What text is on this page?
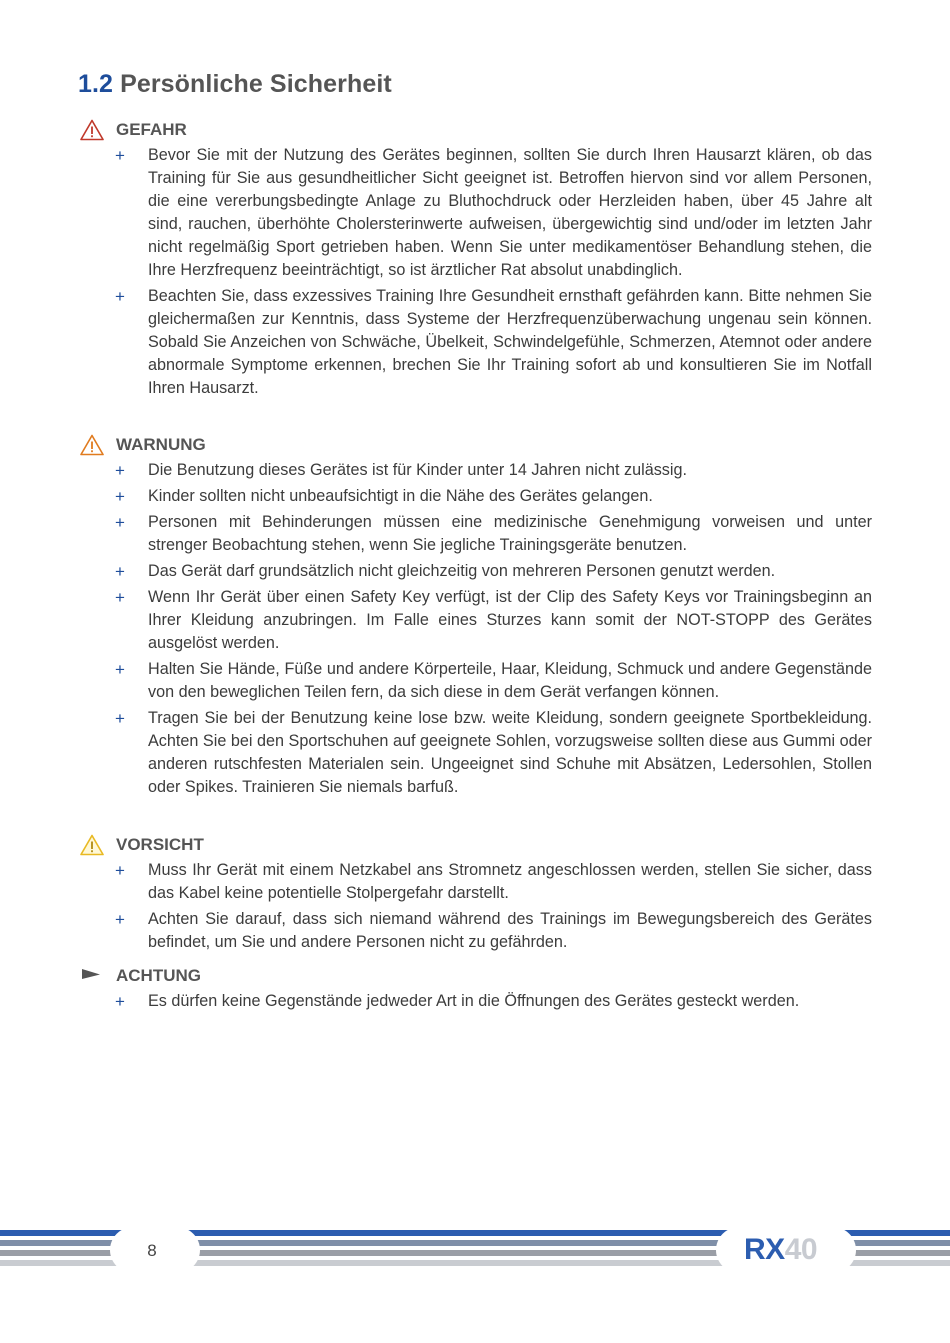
1.2 Persönliche Sicherheit
GEFAHR
+ Bevor Sie mit der Nutzung des Gerätes beginnen, sollten Sie durch Ihren Hausarzt klären, ob das Training für Sie aus gesundheitlicher Sicht geeignet ist. Betroffen hiervon sind vor allem Personen, die eine vererbungsbedingte Anlage zu Bluthochdruck oder Herzleiden haben, über 45 Jahre alt sind, rauchen, überhöhte Cholersterinwerte aufweisen, übergewichtig sind und/oder im letzten Jahr nicht regelmäßig Sport getrieben haben. Wenn Sie unter medikamentöser Behandlung stehen, die Ihre Herzfrequenz beeinträchtigt, so ist ärztlicher Rat absolut unabdinglich.
+ Beachten Sie, dass exzessives Training Ihre Gesundheit ernsthaft gefährden kann. Bitte nehmen Sie gleichermaßen zur Kenntnis, dass Systeme der Herzfrequenzüberwachung ungenau sein können. Sobald Sie Anzeichen von Schwäche, Übelkeit, Schwindelgefühle, Schmerzen, Atemnot oder andere abnormale Symptome erkennen, brechen Sie Ihr Training sofort ab und konsultieren Sie im Notfall Ihren Hausarzt.
WARNUNG
+ Die Benutzung dieses Gerätes ist für Kinder unter 14 Jahren nicht zulässig.
+ Kinder sollten nicht unbeaufsichtigt in die Nähe des Gerätes gelangen.
+ Personen mit Behinderungen müssen eine medizinische Genehmigung vorweisen und unter strenger Beobachtung stehen, wenn Sie jegliche Trainingsgeräte benutzen.
+ Das Gerät darf grundsätzlich nicht gleichzeitig von mehreren Personen genutzt werden.
+ Wenn Ihr Gerät über einen Safety Key verfügt, ist der Clip des Safety Keys vor Trainingsbeginn an Ihrer Kleidung anzubringen. Im Falle eines Sturzes kann somit der NOT-STOPP des Gerätes ausgelöst werden.
+ Halten Sie Hände, Füße und andere Körperteile, Haar, Kleidung, Schmuck und andere Gegenstände von den beweglichen Teilen fern, da sich diese in dem Gerät verfangen können.
+ Tragen Sie bei der Benutzung keine lose bzw. weite Kleidung, sondern geeignete Sportbekleidung. Achten Sie bei den Sportschuhen auf geeignete Sohlen, vorzugsweise sollten diese aus Gummi oder anderen rutschfesten Materialen sein. Ungeeignet sind Schuhe mit Absätzen, Ledersohlen, Stollen oder Spikes. Trainieren Sie niemals barfuß.
VORSICHT
+ Muss Ihr Gerät mit einem Netzkabel ans Stromnetz angeschlossen werden, stellen Sie sicher, dass das Kabel keine potentielle Stolpergefahr darstellt.
+ Achten Sie darauf, dass sich niemand während des Trainings im Bewegungsbereich des Gerätes befindet, um Sie und andere Personen nicht zu gefährden.
ACHTUNG
+ Es dürfen keine Gegenstände jedweder Art in die Öffnungen des Gerätes gesteckt werden.
8	RX40
